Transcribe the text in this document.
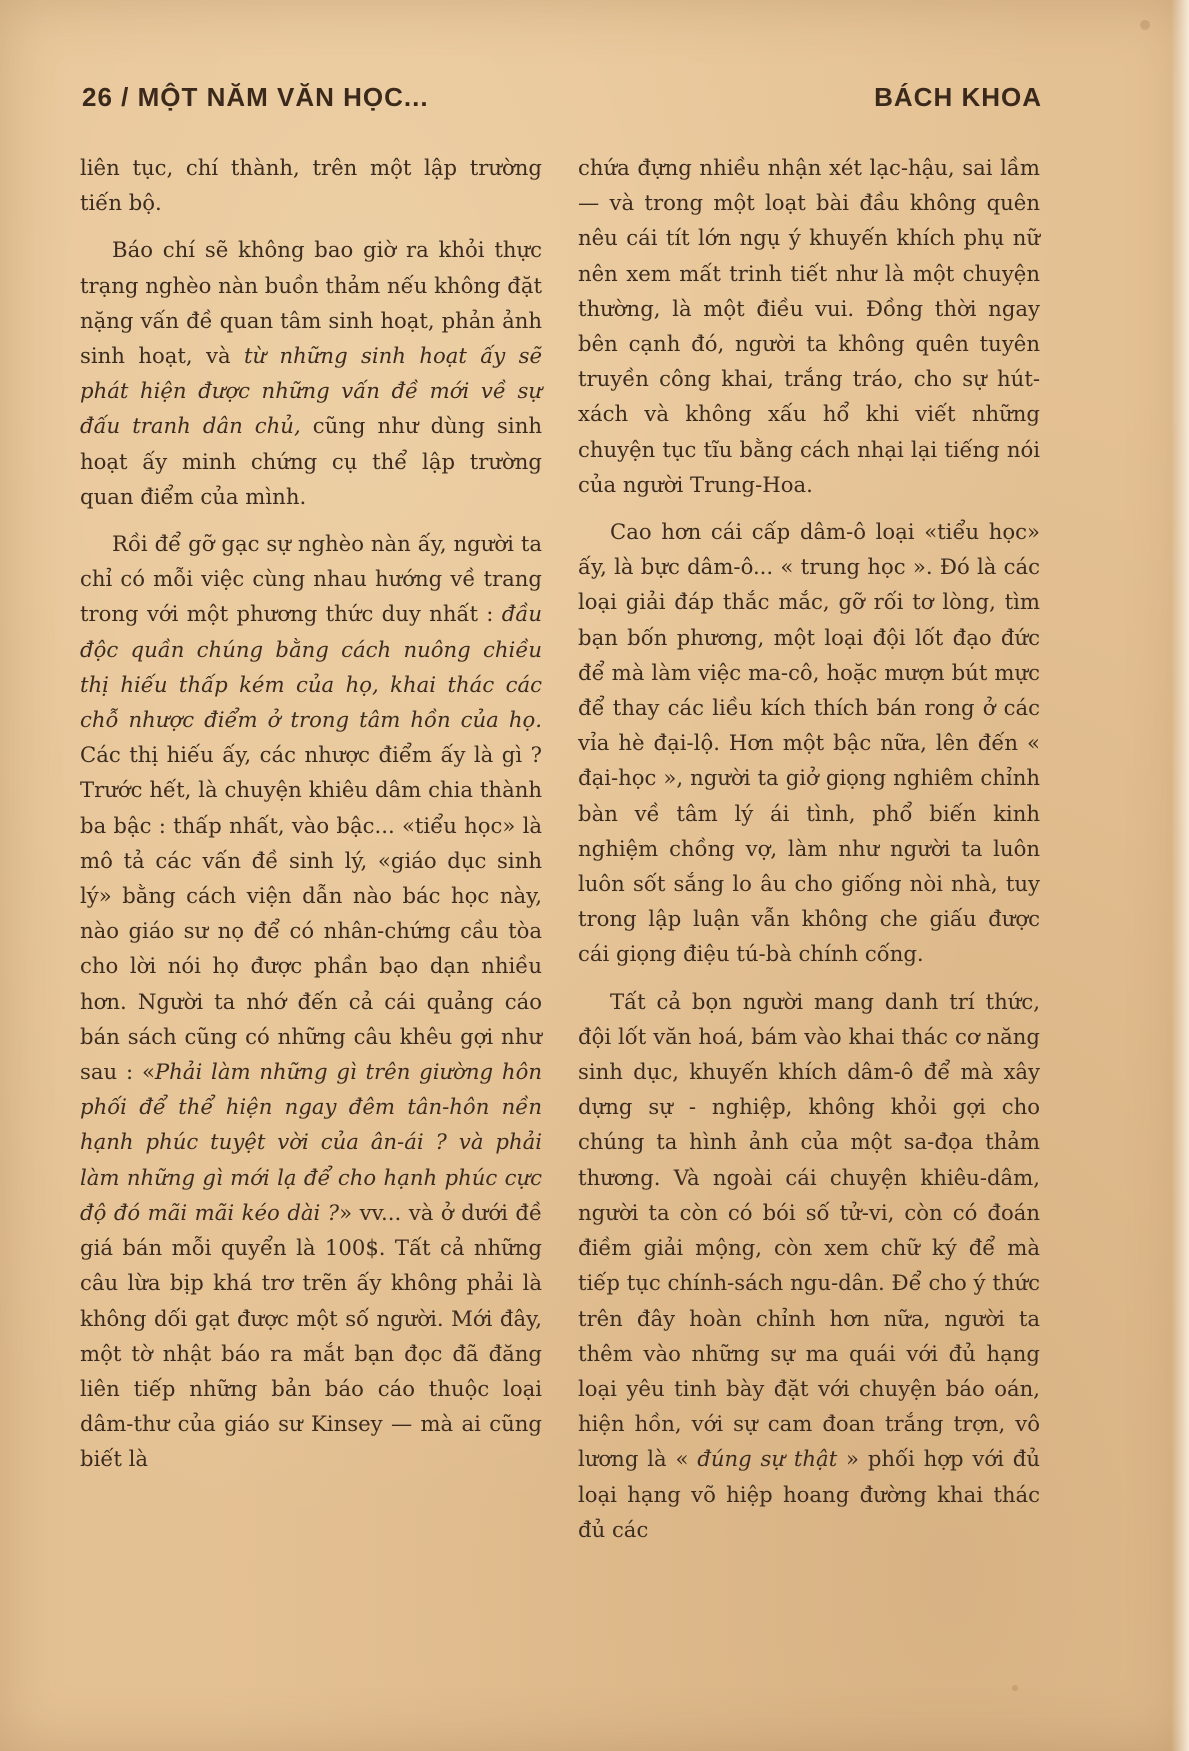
26 / MỘT NĂM VĂN HỌC...	BÁCH KHOA

liên tục, chí thành, trên một lập trường tiến bộ.

Báo chí sẽ không bao giờ ra khỏi thực trạng nghèo nàn buồn thảm nếu không đặt nặng vấn đề quan tâm sinh hoạt, phản ảnh sinh hoạt, và từ những sinh hoạt ấy sẽ phát hiện được những vấn đề mới về sự đấu tranh dân chủ, cũng như dùng sinh hoạt ấy minh chứng cụ thể lập trường quan điểm của mình.

Rồi để gỡ gạc sự nghèo nàn ấy, người ta chỉ có mỗi việc cùng nhau hướng về trang trong với một phương thức duy nhất : đầu độc quần chúng bằng cách nuông chiều thị hiếu thấp kém của họ, khai thác các chỗ nhược điểm ở trong tâm hồn của họ. Các thị hiếu ấy, các nhược điểm ấy là gì ? Trước hết, là chuyện khiêu dâm chia thành ba bậc : thấp nhất, vào bậc... «tiểu học» là mô tả các vấn đề sinh lý, «giáo dục sinh lý» bằng cách viện dẫn nào bác học này, nào giáo sư nọ để có nhân-chứng cầu tòa cho lời nói họ được phần bạo dạn nhiều hơn. Người ta nhớ đến cả cái quảng cáo bán sách cũng có những câu khêu gợi như sau : «Phải làm những gì trên giường hôn phối để thể hiện ngay đêm tân-hôn nền hạnh phúc tuyệt vời của ân-ái ? và phải làm những gì mới lạ để cho hạnh phúc cực độ đó mãi mãi kéo dài ?» vv... và ở dưới đề giá bán mỗi quyển là 100$. Tất cả những câu lừa bịp khá trơ trẽn ấy không phải là không dối gạt được một số người. Mới đây, một tờ nhật báo ra mắt bạn đọc đã đăng liên tiếp những bản báo cáo thuộc loại dâm-thư của giáo sư Kinsey — mà ai cũng biết là

chứa đựng nhiều nhận xét lạc-hậu, sai lầm — và trong một loạt bài đầu không quên nêu cái tít lớn ngụ ý khuyến khích phụ nữ nên xem mất trinh tiết như là một chuyện thường, là một điều vui. Đồng thời ngay bên cạnh đó, người ta không quên tuyên truyền công khai, trắng tráo, cho sự hút-xách và không xấu hổ khi viết những chuyện tục tĩu bằng cách nhại lại tiếng nói của người Trung-Hoa.

Cao hơn cái cấp dâm-ô loại «tiểu học» ấy, là bực dâm-ô... « trung học ». Đó là các loại giải đáp thắc mắc, gỡ rối tơ lòng, tìm bạn bốn phương, một loại đội lốt đạo đức để mà làm việc ma-cô, hoặc mượn bút mực để thay các liều kích thích bán rong ở các vỉa hè đại-lộ. Hơn một bậc nữa, lên đến « đại-học », người ta giở giọng nghiêm chỉnh bàn về tâm lý ái tình, phổ biến kinh nghiệm chồng vợ, làm như người ta luôn luôn sốt sắng lo âu cho giống nòi nhà, tuy trong lập luận vẫn không che giấu được cái giọng điệu tú-bà chính cống.

Tất cả bọn người mang danh trí thức, đội lốt văn hoá, bám vào khai thác cơ năng sinh dục, khuyến khích dâm-ô để mà xây dựng sự - nghiệp, không khỏi gợi cho chúng ta hình ảnh của một sa-đọa thảm thương. Và ngoài cái chuyện khiêu-dâm, người ta còn có bói số tử-vi, còn có đoán điềm giải mộng, còn xem chữ ký để mà tiếp tục chính-sách ngu-dân. Để cho ý thức trên đây hoàn chỉnh hơn nữa, người ta thêm vào những sự ma quái với đủ hạng loại yêu tinh bày đặt với chuyện báo oán, hiện hồn, với sự cam đoan trắng trợn, vô lương là « đúng sự thật » phối hợp với đủ loại hạng võ hiệp hoang đường khai thác đủ các
